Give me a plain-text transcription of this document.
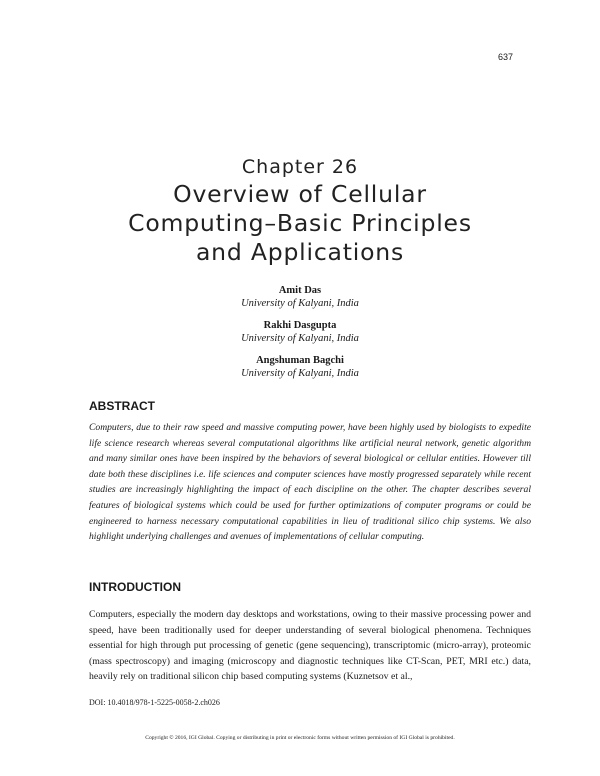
637
Chapter 26
Overview of Cellular
Computing–Basic Principles
and Applications
Amit Das
University of Kalyani, India
Rakhi Dasgupta
University of Kalyani, India
Angshuman Bagchi
University of Kalyani, India
ABSTRACT

Computers, due to their raw speed and massive computing power, have been highly used by biologists to expedite life science research whereas several computational algorithms like artificial neural network, genetic algorithm and many similar ones have been inspired by the behaviors of several biological or cellular entities. However till date both these disciplines i.e. life sciences and computer sciences have mostly progressed separately while recent studies are increasingly highlighting the impact of each discipline on the other. The chapter describes several features of biological systems which could be used for further optimizations of computer programs or could be engineered to harness necessary computational capabilities in lieu of traditional silico chip systems. We also highlight underlying challenges and avenues of implementations of cellular computing.

INTRODUCTION

Computers, especially the modern day desktops and workstations, owing to their massive processing power and speed, have been traditionally used for deeper understanding of several biological phenomena. Techniques essential for high through put processing of genetic (gene sequencing), transcriptomic (micro-array), proteomic (mass spectroscopy) and imaging (microscopy and diagnostic techniques like CT-Scan, PET, MRI etc.) data, heavily rely on traditional silicon chip based computing systems (Kuznetsov et al.,

DOI: 10.4018/978-1-5225-0058-2.ch026
Copyright © 2016, IGI Global. Copying or distributing in print or electronic forms without written permission of IGI Global is prohibited.
